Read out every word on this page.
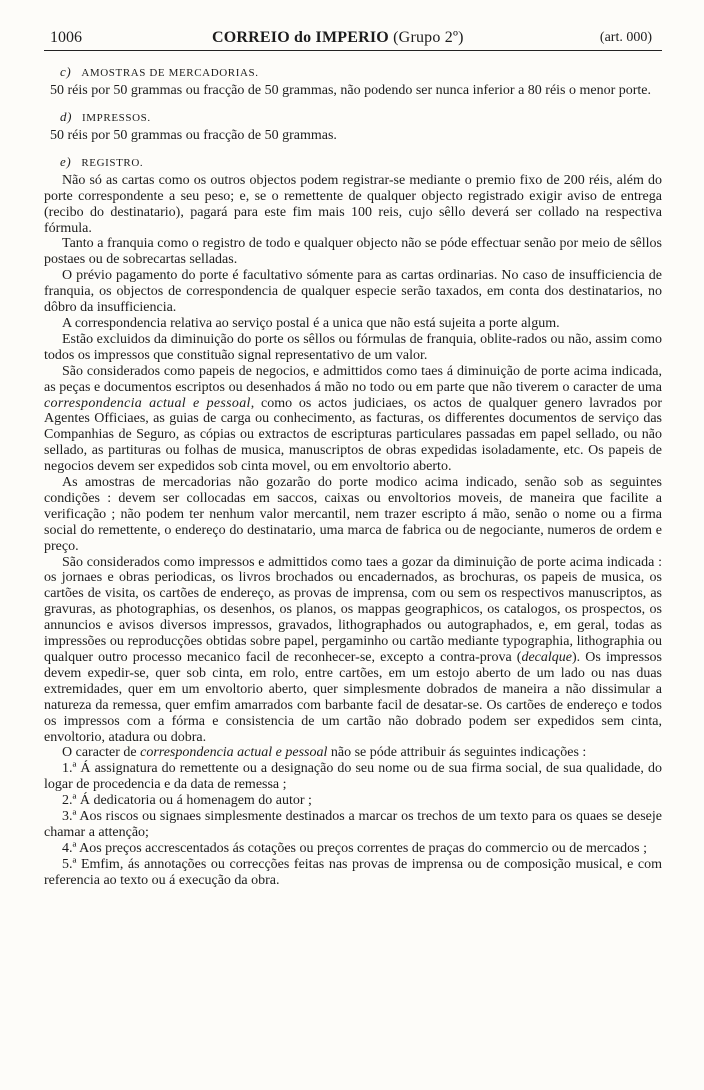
1006	CORREIO do IMPERIO (Grupo 2º)	(art. 000)
c) AMOSTRAS DE MERCADORIAS.

50 réis por 50 grammas ou fracção de 50 grammas, não podendo ser nunca inferior a 80 réis o menor porte.

d) IMPRESSOS.

50 réis por 50 grammas ou fracção de 50 grammas.

e) REGISTRO.

Não só as cartas como os outros objectos podem registrar-se mediante o premio fixo de 200 réis, além do porte correspondente a seu peso; e, se o remettente de qualquer objecto registrado exigir aviso de entrega (recibo do destinatario), pagará para este fim mais 100 reis, cujo sêllo deverá ser collado na respectiva fórmula.

Tanto a franquia como o registro de todo e qualquer objecto não se póde effectuar senão por meio de sêllos postaes ou de sobrecartas selladas.

O prévio pagamento do porte é facultativo sómente para as cartas ordinarias. No caso de insufficiencia de franquia, os objectos de correspondencia de qualquer especie serão taxados, em conta dos destinatarios, no dôbro da insufficiencia.

A correspondencia relativa ao serviço postal é a unica que não está sujeita a porte algum.

Estão excluidos da diminuição do porte os sêllos ou fórmulas de franquia, oblite-rados ou não, assim como todos os impressos que constituão signal representativo de um valor.

São considerados como papeis de negocios, e admittidos como taes á diminuição de porte acima indicada, as peças e documentos escriptos ou desenhados á mão no todo ou em parte que não tiverem o caracter de uma correspondencia actual e pessoal, como os actos judiciaes, os actos de qualquer genero lavrados por Agentes Officiaes, as guias de carga ou conhecimento, as facturas, os differentes documentos de serviço das Companhias de Seguro, as cópias ou extractos de escripturas particulares passadas em papel sellado, ou não sellado, as partituras ou folhas de musica, manuscriptos de obras expedidas isoladamente, etc. Os papeis de negocios devem ser expedidos sob cinta movel, ou em envoltorio aberto.

As amostras de mercadorias não gozarão do porte modico acima indicado, senão sob as seguintes condições : devem ser collocadas em saccos, caixas ou envoltorios moveis, de maneira que facilite a verificação ; não podem ter nenhum valor mercantil, nem trazer escripto á mão, senão o nome ou a firma social do remettente, o endereço do destinatario, uma marca de fabrica ou de negociante, numeros de ordem e preço.

São considerados como impressos e admittidos como taes a gozar da diminuição de porte acima indicada : os jornaes e obras periodicas, os livros brochados ou encadernados, as brochuras, os papeis de musica, os cartões de visita, os cartões de endereço, as provas de imprensa, com ou sem os respectivos manuscriptos, as gravuras, as photographias, os desenhos, os planos, os mappas geographicos, os catalogos, os prospectos, os annuncios e avisos diversos impressos, gravados, lithographados ou autographados, e, em geral, todas as impressões ou reproducções obtidas sobre papel, pergaminho ou cartão mediante typographia, lithographia ou qualquer outro processo mecanico facil de reconhecer-se, excepto a contra-prova (decalque). Os impressos devem expedir-se, quer sob cinta, em rolo, entre cartões, em um estojo aberto de um lado ou nas duas extremidades, quer em um envoltorio aberto, quer simplesmente dobrados de maneira a não dissimular a natureza da remessa, quer emfim amarrados com barbante facil de desatar-se. Os cartões de endereço e todos os impressos com a fórma e consistencia de um cartão não dobrado podem ser expedidos sem cinta, envoltorio, atadura ou dobra.

O caracter de correspondencia actual e pessoal não se póde attribuir ás seguintes indicações :

1.ª Á assignatura do remettente ou a designação do seu nome ou de sua firma social, de sua qualidade, do logar de procedencia e da data de remessa ;

2.ª Á dedicatoria ou á homenagem do autor ;

3.ª Aos riscos ou signaes simplesmente destinados a marcar os trechos de um texto para os quaes se deseje chamar a attenção;

4.ª Aos preços accrescentados ás cotações ou preços correntes de praças do commercio ou de mercados ;

5.ª Emfim, ás annotações ou correcções feitas nas provas de imprensa ou de composição musical, e com referencia ao texto ou á execução da obra.
